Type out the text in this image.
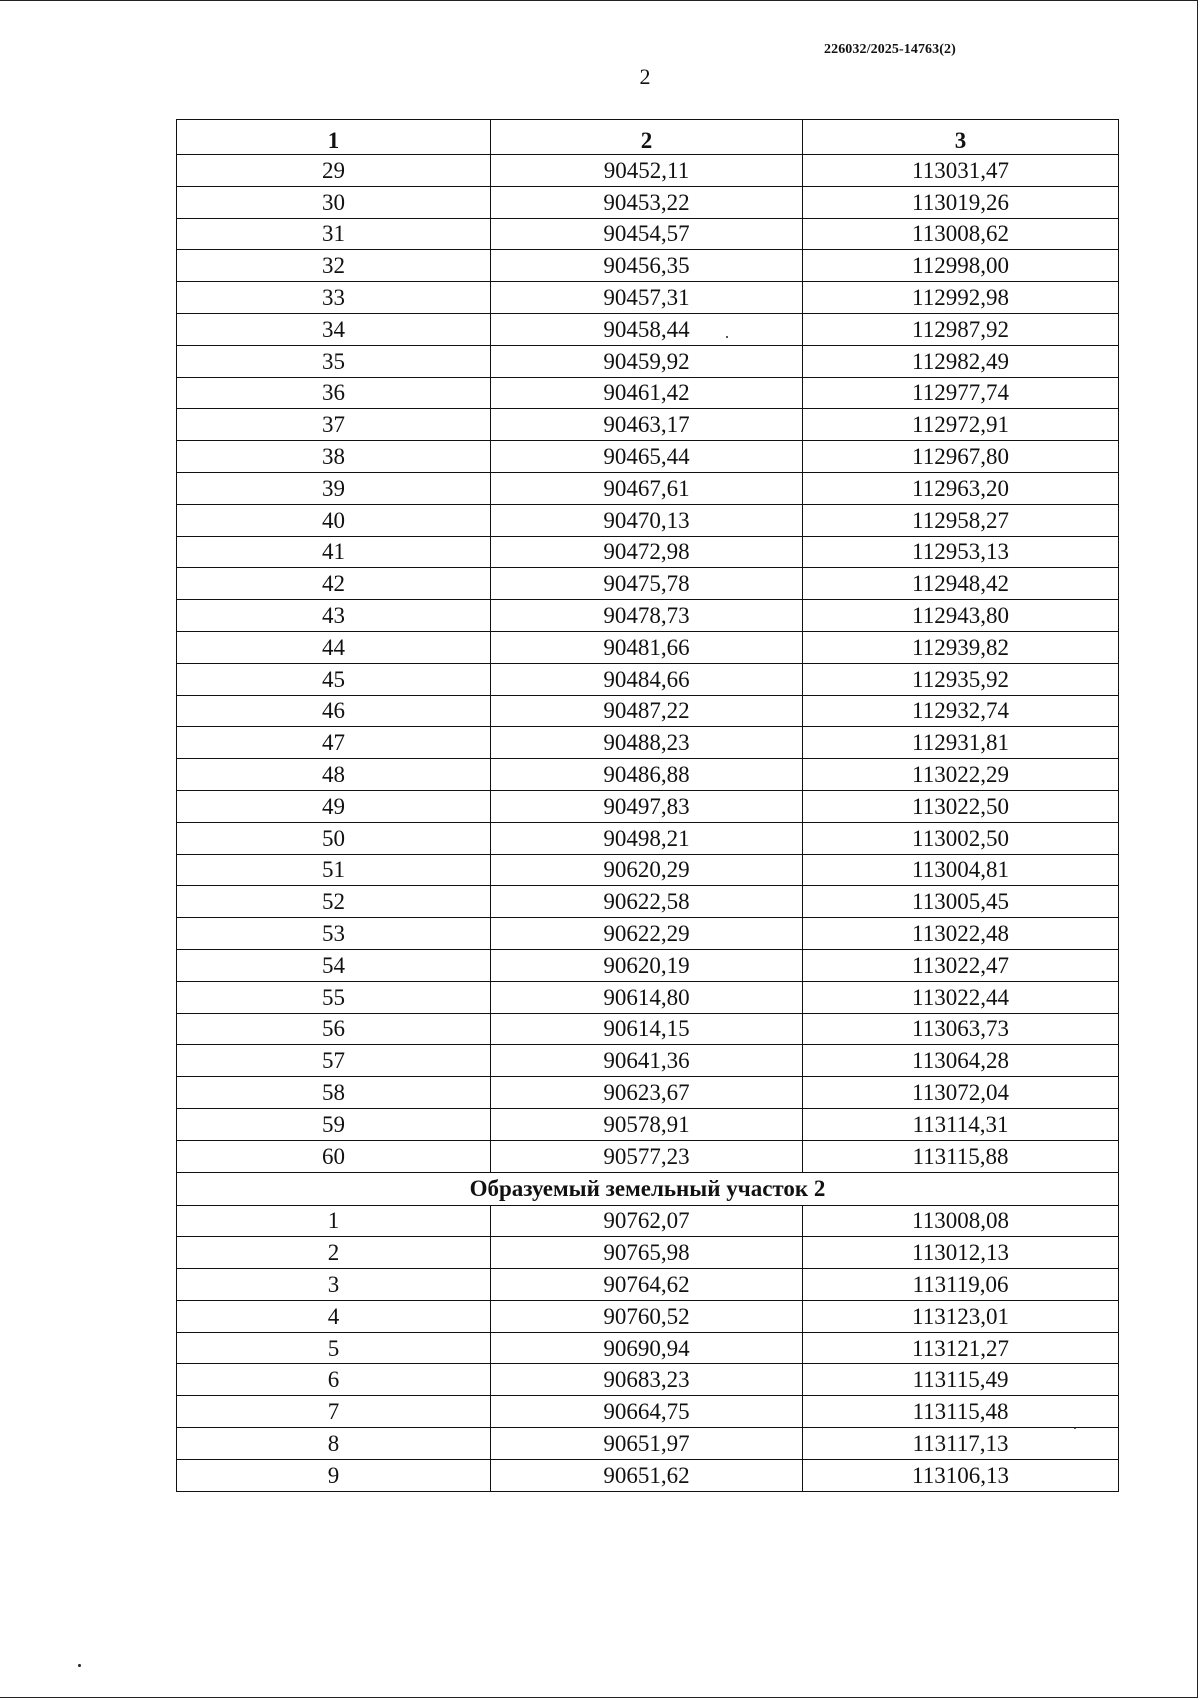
226032/2025-14763(2)
2
1	2	3
29	90452,11	113031,47
30	90453,22	113019,26
31	90454,57	113008,62
32	90456,35	112998,00
33	90457,31	112992,98
34	90458,44	112987,92
35	90459,92	112982,49
36	90461,42	112977,74
37	90463,17	112972,91
38	90465,44	112967,80
39	90467,61	112963,20
40	90470,13	112958,27
41	90472,98	112953,13
42	90475,78	112948,42
43	90478,73	112943,80
44	90481,66	112939,82
45	90484,66	112935,92
46	90487,22	112932,74
47	90488,23	112931,81
48	90486,88	113022,29
49	90497,83	113022,50
50	90498,21	113002,50
51	90620,29	113004,81
52	90622,58	113005,45
53	90622,29	113022,48
54	90620,19	113022,47
55	90614,80	113022,44
56	90614,15	113063,73
57	90641,36	113064,28
58	90623,67	113072,04
59	90578,91	113114,31
60	90577,23	113115,88
Образуемый земельный участок 2		
1	90762,07	113008,08
2	90765,98	113012,13
3	90764,62	113119,06
4	90760,52	113123,01
5	90690,94	113121,27
6	90683,23	113115,49
7	90664,75	113115,48
8	90651,97	113117,13
9	90651,62	113106,13
